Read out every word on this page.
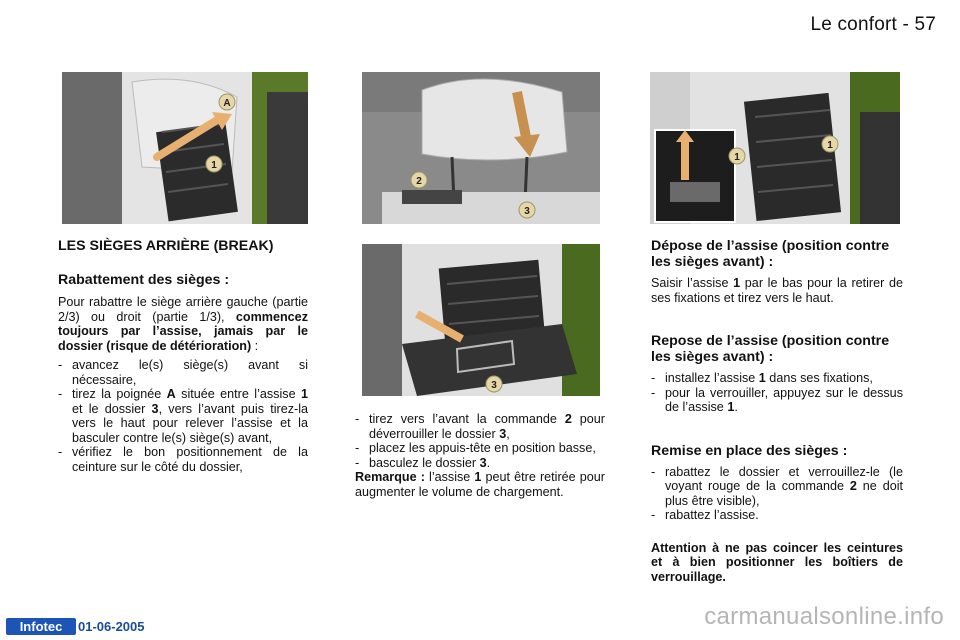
Le confort - 57
A
1
2
3
1
1
3

LES SIÈGES ARRIÈRE (BREAK)

Rabattement des sièges :

Pour rabattre le siège arrière gauche (partie 2/3) ou droit (partie 1/3), commencez toujours par l’assise, jamais par le dossier (risque de détérioration) :

- avancez le(s) siège(s) avant si nécessaire,
- tirez la poignée A située entre l’assise 1 et le dossier 3, vers l’avant puis tirez-la vers le haut pour relever l’assise et la basculer contre le(s) siège(s) avant,
- vérifiez le bon positionnement de la ceinture sur le côté du dossier,
- tirez vers l’avant la commande 2 pour déverrouiller le dossier 3,
- placez les appuis-tête en position basse,
- basculez le dossier 3.

Remarque : l’assise 1 peut être retirée pour augmenter le volume de chargement.

Dépose de l’assise (position contre les sièges avant) :

Saisir l’assise 1 par le bas pour la retirer de ses fixations et tirez vers le haut.

Repose de l’assise (position contre les sièges avant) :

- installez l’assise 1 dans ses fixations,
- pour la verrouiller, appuyez sur le dessus de l’assise 1.

Remise en place des sièges :

- rabattez le dossier et verrouillez-le (le voyant rouge de la commande 2 ne doit plus être visible),
- rabattez l’assise.

Attention à ne pas coincer les ceintures et à bien positionner les boîtiers de verrouillage.

Infotec	01-06-2005	carmanualsonline.info
